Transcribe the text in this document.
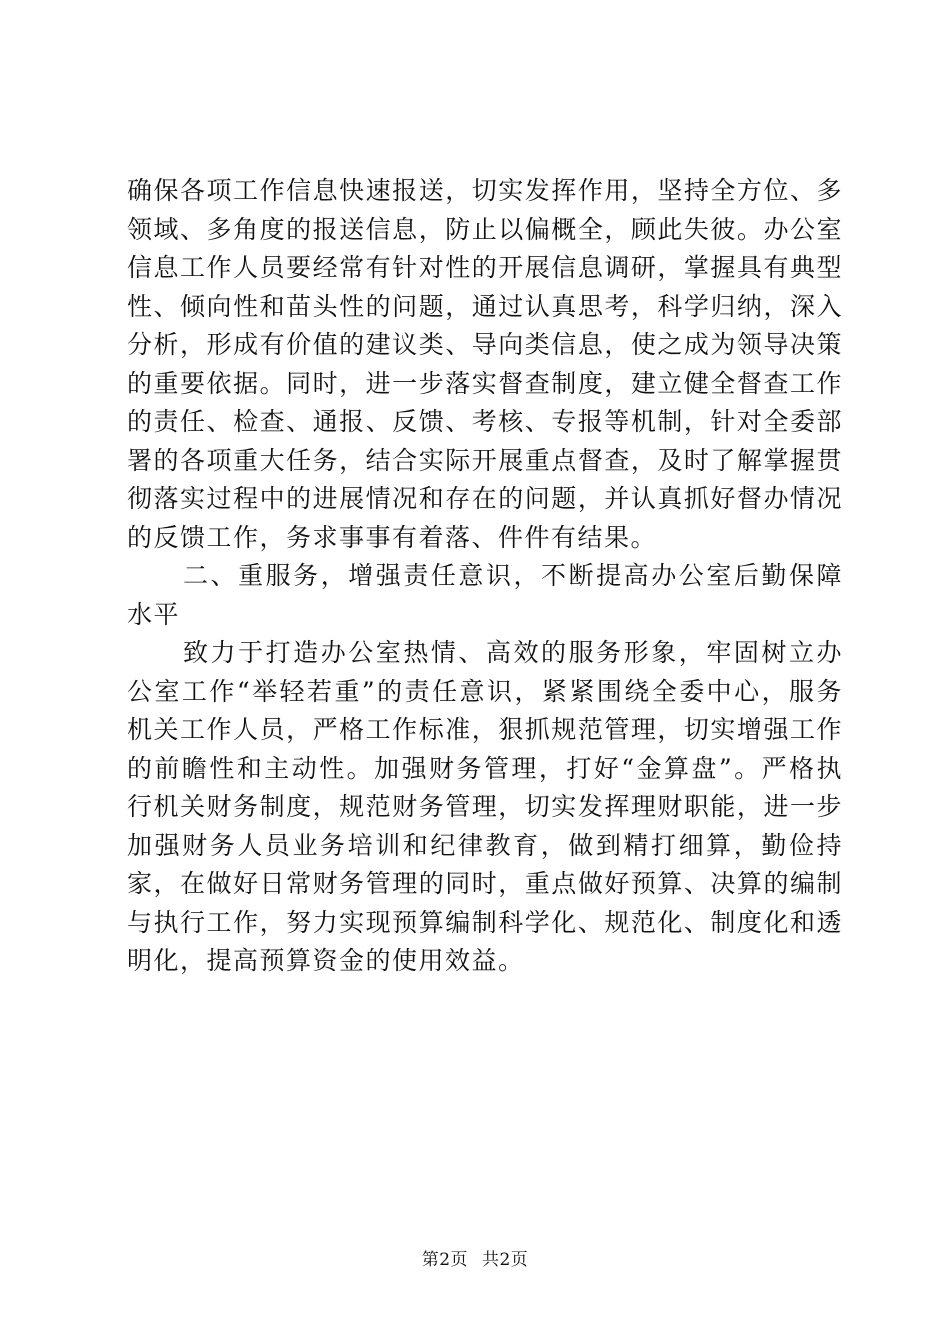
确保各项工作信息快速报送，切实发挥作用，坚持全方位、多领域、多角度的报送信息，防止以偏概全，顾此失彼。办公室信息工作人员要经常有针对性的开展信息调研，掌握具有典型性、倾向性和苗头性的问题，通过认真思考，科学归纳，深入分析，形成有价值的建议类、导向类信息，使之成为领导决策的重要依据。同时，进一步落实督查制度，建立健全督查工作的责任、检查、通报、反馈、考核、专报等机制，针对全委部署的各项重大任务，结合实际开展重点督查，及时了解掌握贯彻落实过程中的进展情况和存在的问题，并认真抓好督办情况的反馈工作，务求事事有着落、件件有结果。

二、重服务，增强责任意识，不断提高办公室后勤保障水平

致力于打造办公室热情、高效的服务形象，牢固树立办公室工作“举轻若重”的责任意识，紧紧围绕全委中心，服务机关工作人员，严格工作标准，狠抓规范管理，切实增强工作的前瞻性和主动性。加强财务管理，打好“金算盘”。严格执行机关财务制度，规范财务管理，切实发挥理财职能，进一步加强财务人员业务培训和纪律教育，做到精打细算，勤俭持家，在做好日常财务管理的同时，重点做好预算、决算的编制与执行工作，努力实现预算编制科学化、规范化、制度化和透明化，提高预算资金的使用效益。

第2页 共2页
